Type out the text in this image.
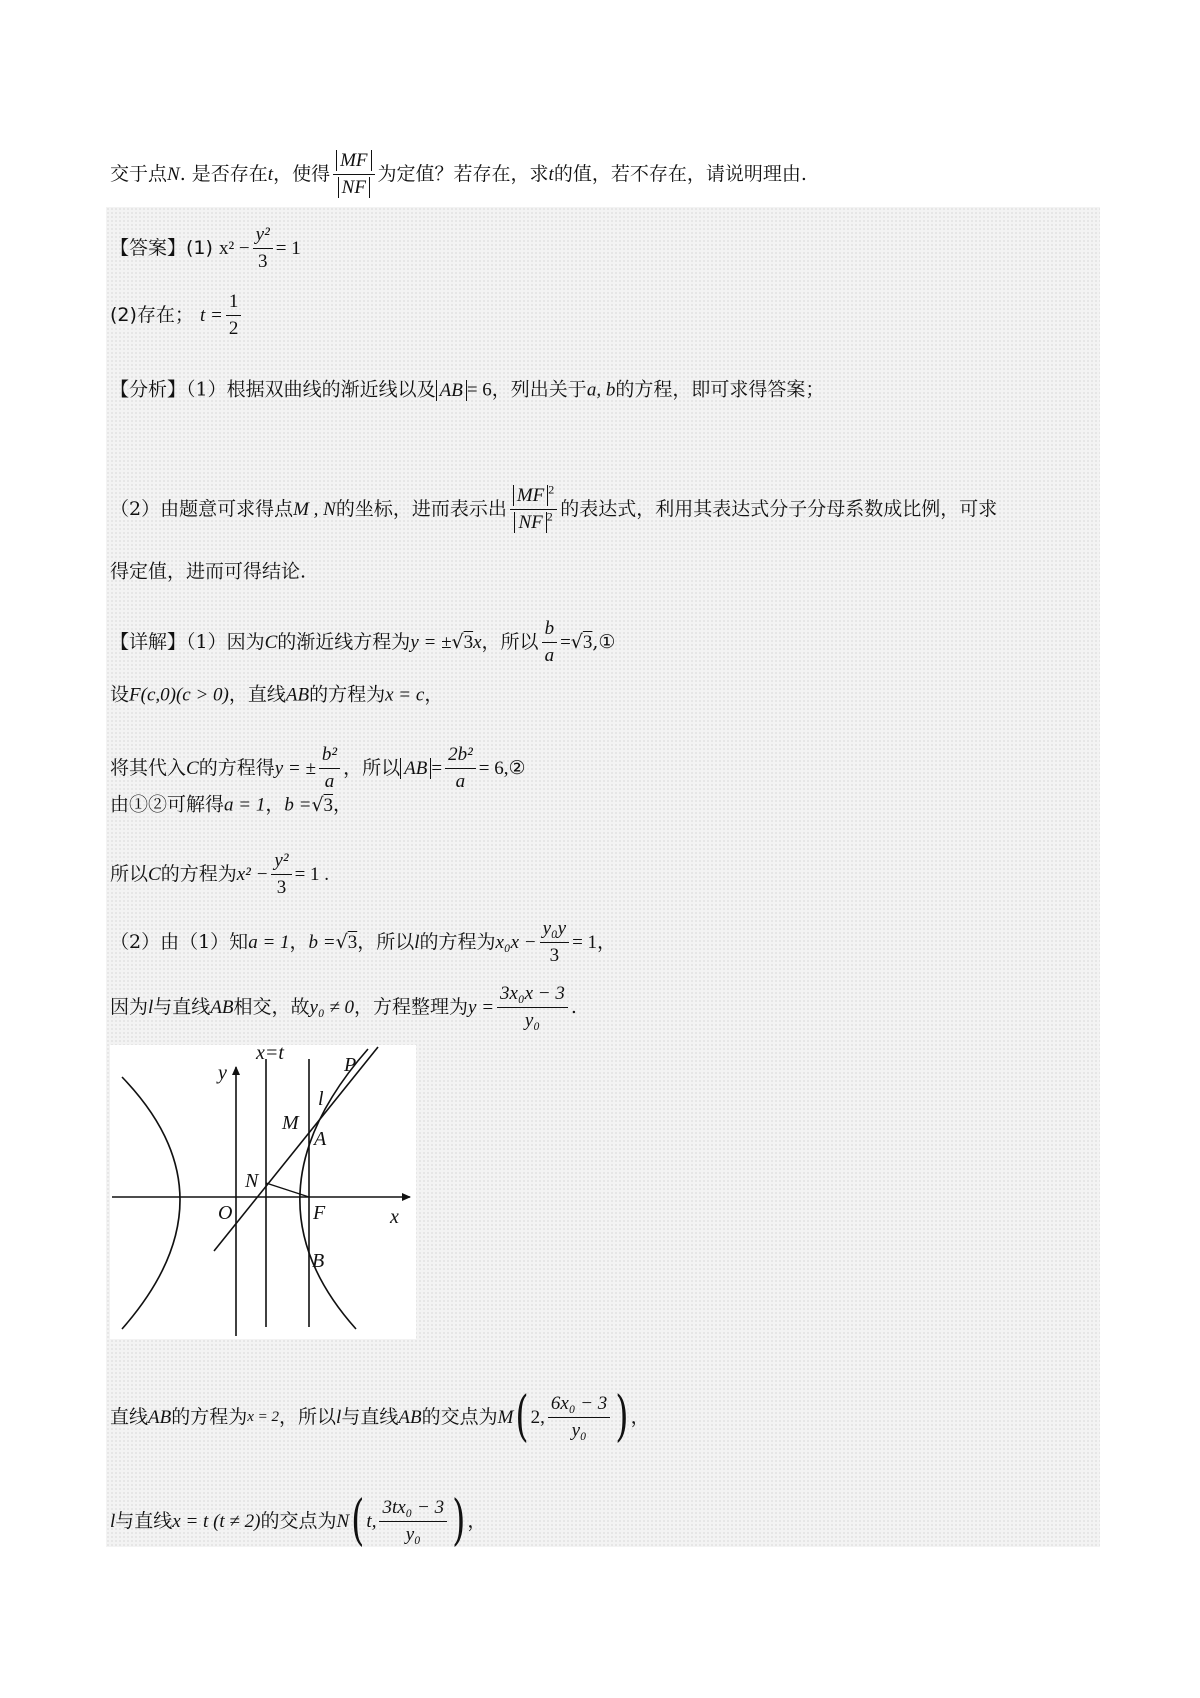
交于点N. 是否存在t，使得 $\frac{MF}{NF}$ 为定值？若存在，求t的值，若不存在，请说明理由.
【答案】(1) $x^2 - \frac{\text{y²}}{3} = 1$
(2)存在； $t = \frac{1}{2}$
【分析】（1）根据双曲线的渐近线以及 AB = 6，列出关于a, b的方程，即可求得答案；
（2）由题意可求得点M , N的坐标，进而表示出 $\frac{MF ^2}{NF ^2}$ 的表达式，利用其表达式分子分母系数成比例，可求
得定值，进而可得结论.
【详解】（1）因为C的渐近线方程为y = ±√3x，所以 $\frac{b}{a}$ =√3,①
设F(c,0)(c > 0)，直线AB的方程为x = c，
将其代入C的方程得y = ± $\frac{\text{b²}}{a}$ ，所以 AB = $\frac{\text{2b²}}{a}$ = 6,②
由①②可解得a = 1，b =√3，
所以C的方程为$x^2 - \frac{\text{y²}}{3} = 1$ .
（2）由（1）知a = 1，b =√3，所以l的方程为$x_0x - \frac{\text{y₀y}}{3} = 1$，
因为l与直线AB相交，故y₀ ≠ 0，方程整理为$y = \frac{\text{3x₀x − 3}}{\text{y₀}}$ .
y
x=t
P
l
M
A
N
O	F	x
B
直线AB的方程为x = 2，所以l与直线AB的交点为M( 2, $\frac{\text{6x₀ − 3}}{\text{y₀}}$ ) ，
l与直线x = t (t ≠ 2)的交点为N( t, $\frac{\text{3tx₀ − 3}}{\text{y₀}}$ ) ，
